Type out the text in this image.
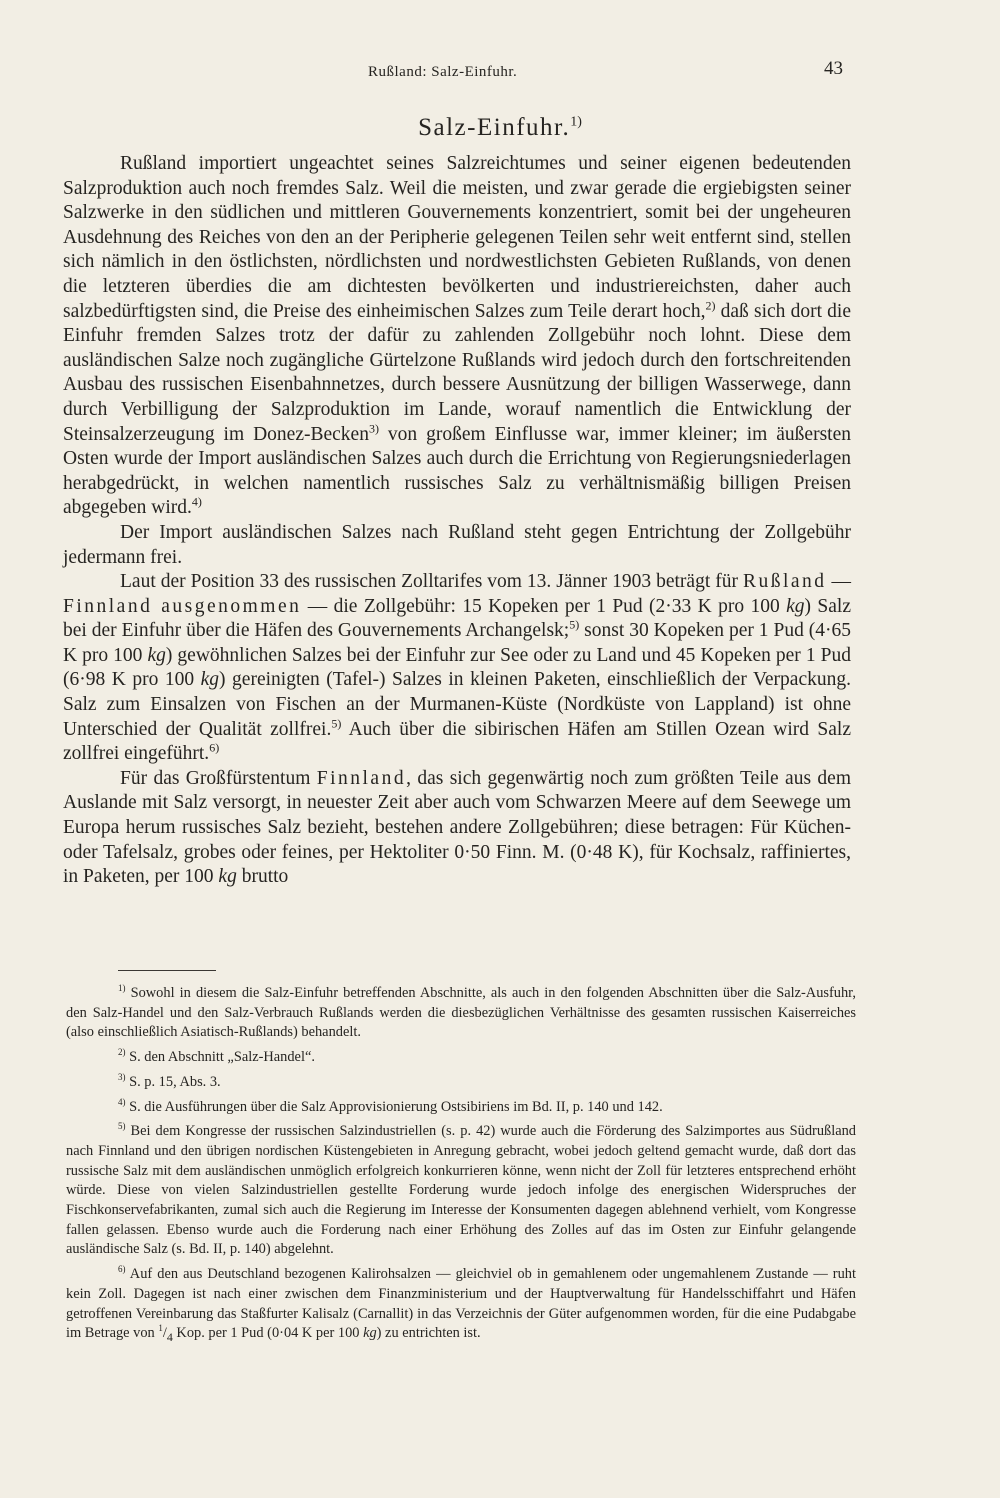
Rußland: Salz-Einfuhr.	43
Salz-Einfuhr.$^{1)}$

Rußland importiert ungeachtet seines Salzreichtumes und seiner eigenen bedeutenden Salzproduktion auch noch fremdes Salz. Weil die meisten, und zwar gerade die ergiebigsten seiner Salzwerke in den südlichen und mittleren Gouvernements konzentriert, somit bei der ungeheuren Ausdehnung des Reiches von den an der Peripherie gelegenen Teilen sehr weit entfernt sind, stellen sich nämlich in den östlichsten, nördlichsten und nordwestlichsten Gebieten Rußlands, von denen die letzteren überdies die am dichtesten bevölkerten und industriereichsten, daher auch salzbedürftigsten sind, die Preise des einheimischen Salzes zum Teile derart hoch,$^{2)}$ daß sich dort die Einfuhr fremden Salzes trotz der dafür zu zahlenden Zollgebühr noch lohnt. Diese dem ausländischen Salze noch zugängliche Gürtelzone Rußlands wird jedoch durch den fortschreitenden Ausbau des russischen Eisenbahnnetzes, durch bessere Ausnützung der billigen Wasserwege, dann durch Verbilligung der Salzproduktion im Lande, worauf namentlich die Entwicklung der Steinsalzerzeugung im Donez-Becken$^{3)}$ von großem Einflusse war, immer kleiner; im äußersten Osten wurde der Import ausländischen Salzes auch durch die Errichtung von Regierungsniederlagen herabgedrückt, in welchen namentlich russisches Salz zu verhältnismäßig billigen Preisen abgegeben wird.$^{4)}$

Der Import ausländischen Salzes nach Rußland steht gegen Entrichtung der Zollgebühr jedermann frei.

Laut der Position 33 des russischen Zolltarifes vom 13. Jänner 1903 beträgt für Rußland — Finnland ausgenommen — die Zollgebühr: 15 Kopeken per 1 Pud (2·33 K pro 100 kg) Salz bei der Einfuhr über die Häfen des Gouvernements Archangelsk;$^{5)}$ sonst 30 Kopeken per 1 Pud (4·65 K pro 100 kg) gewöhnlichen Salzes bei der Einfuhr zur See oder zu Land und 45 Kopeken per 1 Pud (6·98 K pro 100 kg) gereinigten (Tafel-) Salzes in kleinen Paketen, einschließlich der Verpackung. Salz zum Einsalzen von Fischen an der Murmanen-Küste (Nordküste von Lappland) ist ohne Unterschied der Qualität zollfrei.$^{5)}$ Auch über die sibirischen Häfen am Stillen Ozean wird Salz zollfrei eingeführt.$^{6)}$

Für das Großfürstentum Finnland, das sich gegenwärtig noch zum größten Teile aus dem Auslande mit Salz versorgt, in neuester Zeit aber auch vom Schwarzen Meere auf dem Seewege um Europa herum russisches Salz bezieht, bestehen andere Zollgebühren; diese betragen: Für Küchen- oder Tafelsalz, grobes oder feines, per Hektoliter 0·50 Finn. M. (0·48 K), für Kochsalz, raffiniertes, in Paketen, per 100 kg brutto

$^{1)}$ Sowohl in diesem die Salz-Einfuhr betreffenden Abschnitte, als auch in den folgenden Abschnitten über die Salz-Ausfuhr, den Salz-Handel und den Salz-Verbrauch Rußlands werden die diesbezüglichen Verhältnisse des gesamten russischen Kaiserreiches (also einschließlich Asiatisch-Rußlands) behandelt.

$^{2)}$ S. den Abschnitt „Salz-Handel“.

$^{3)}$ S. p. 15, Abs. 3.

$^{4)}$ S. die Ausführungen über die Salz Approvisionierung Ostsibiriens im Bd. II, p. 140 und 142.

$^{5)}$ Bei dem Kongresse der russischen Salzindustriellen (s. p. 42) wurde auch die Förderung des Salzimportes aus Südrußland nach Finnland und den übrigen nordischen Küstengebieten in Anregung gebracht, wobei jedoch geltend gemacht wurde, daß dort das russische Salz mit dem ausländischen unmöglich erfolgreich konkurrieren könne, wenn nicht der Zoll für letzteres entsprechend erhöht würde. Diese von vielen Salzindustriellen gestellte Forderung wurde jedoch infolge des energischen Widerspruches der Fischkonservefabrikanten, zumal sich auch die Regierung im Interesse der Konsumenten dagegen ablehnend verhielt, vom Kongresse fallen gelassen. Ebenso wurde auch die Forderung nach einer Erhöhung des Zolles auf das im Osten zur Einfuhr gelangende ausländische Salz (s. Bd. II, p. 140) abgelehnt.

$^{6)}$ Auf den aus Deutschland bezogenen Kalirohsalzen — gleichviel ob in gemahlenem oder ungemahlenem Zustande — ruht kein Zoll. Dagegen ist nach einer zwischen dem Finanzministerium und der Hauptverwaltung für Handelsschiffahrt und Häfen getroffenen Vereinbarung das Staßfurter Kalisalz (Carnallit) in das Verzeichnis der Güter aufgenommen worden, für die eine Pudabgabe im Betrage von $^1/_4$ Kop. per 1 Pud (0·04 K per 100 kg) zu entrichten ist.
